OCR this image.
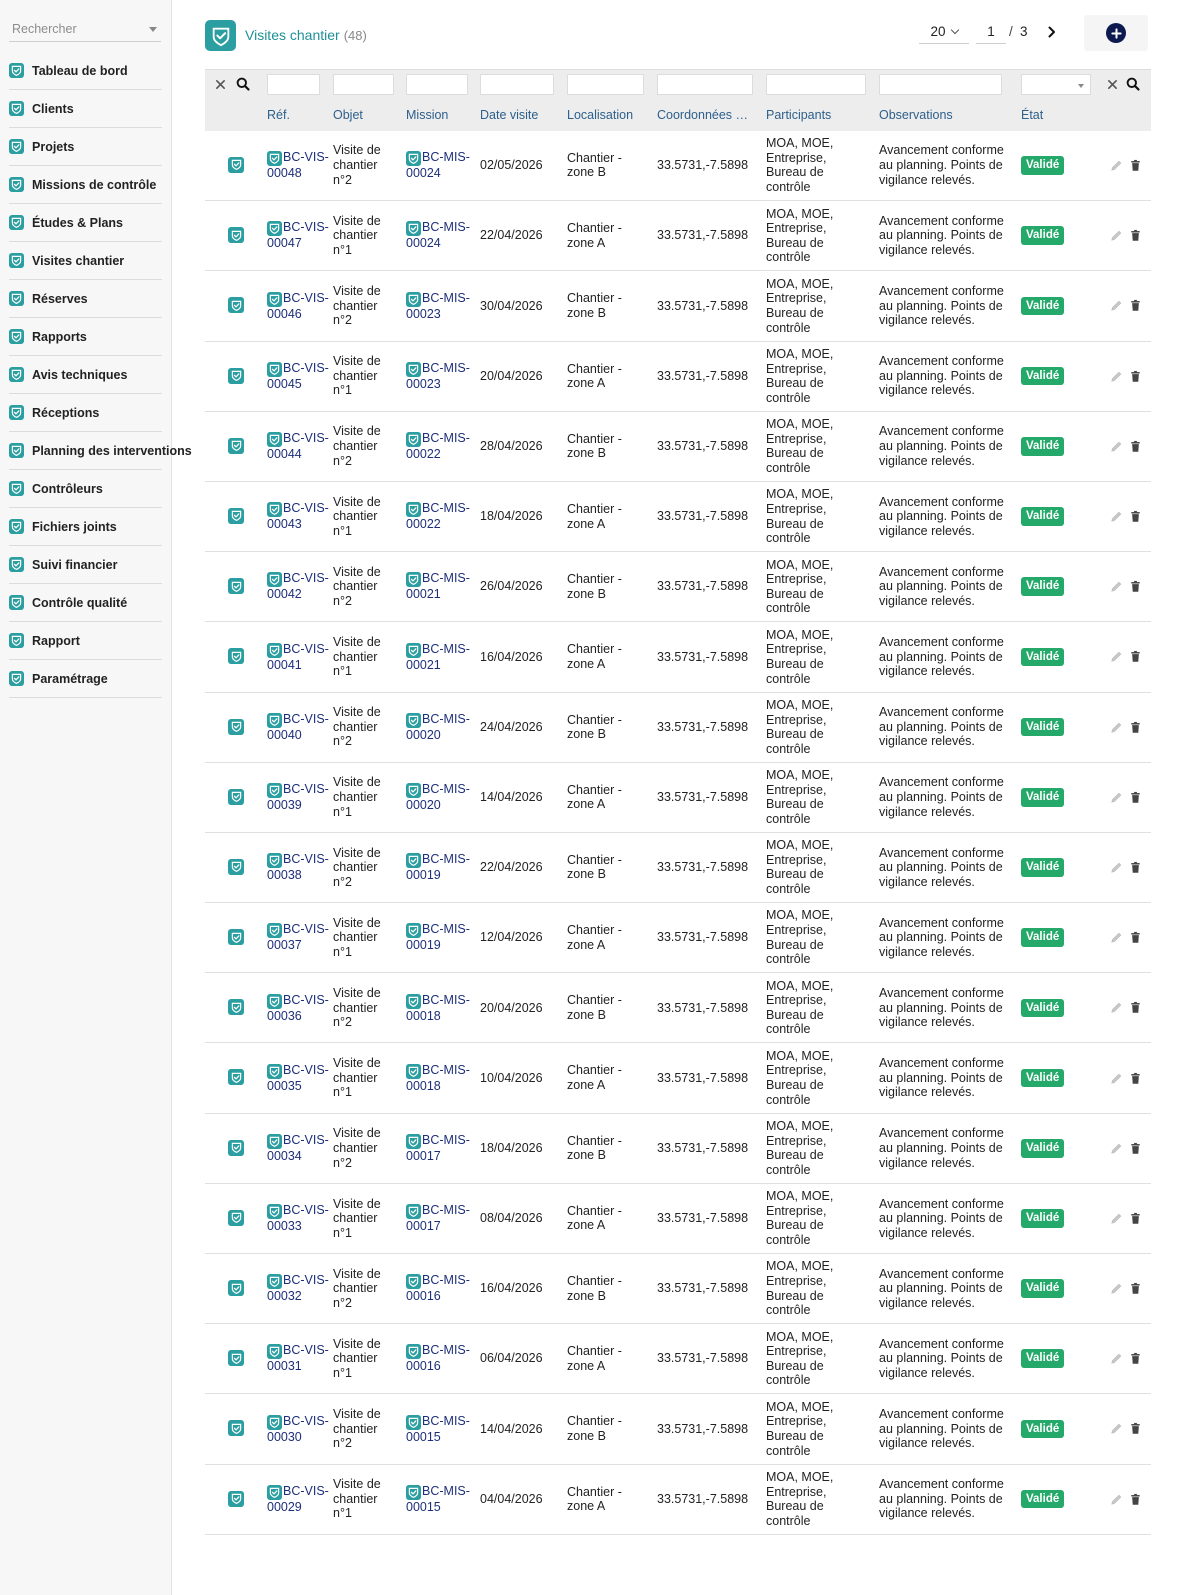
Rechercher
Tableau de bord
Clients
Projets
Missions de contrôle
Études & Plans
Visites chantier
Réserves
Rapports
Avis techniques
Réceptions
Planning des interventions
Contrôleurs
Fichiers joints
Suivi financier
Contrôle qualité
Rapport
Paramétrage
Visites chantier (48)	20	1	/ 3

	Réf.	Objet	Mission	Date visite	Localisation	Coordonnées …	Participants	Observations	État	

BC-VIS-00048	Visite de chantier n°2	BC-MIS-00024	02/05/2026	Chantier - zone B	33.5731,-7.5898	MOA, MOE, Entreprise, Bureau de contrôle	Avancement conforme au planning. Points de vigilance relevés.	Validé	

BC-VIS-00047	Visite de chantier n°1	BC-MIS-00024	22/04/2026	Chantier - zone A	33.5731,-7.5898	MOA, MOE, Entreprise, Bureau de contrôle	Avancement conforme au planning. Points de vigilance relevés.	Validé	

BC-VIS-00046	Visite de chantier n°2	BC-MIS-00023	30/04/2026	Chantier - zone B	33.5731,-7.5898	MOA, MOE, Entreprise, Bureau de contrôle	Avancement conforme au planning. Points de vigilance relevés.	Validé	

BC-VIS-00045	Visite de chantier n°1	BC-MIS-00023	20/04/2026	Chantier - zone A	33.5731,-7.5898	MOA, MOE, Entreprise, Bureau de contrôle	Avancement conforme au planning. Points de vigilance relevés.	Validé	

BC-VIS-00044	Visite de chantier n°2	BC-MIS-00022	28/04/2026	Chantier - zone B	33.5731,-7.5898	MOA, MOE, Entreprise, Bureau de contrôle	Avancement conforme au planning. Points de vigilance relevés.	Validé	

BC-VIS-00043	Visite de chantier n°1	BC-MIS-00022	18/04/2026	Chantier - zone A	33.5731,-7.5898	MOA, MOE, Entreprise, Bureau de contrôle	Avancement conforme au planning. Points de vigilance relevés.	Validé	

BC-VIS-00042	Visite de chantier n°2	BC-MIS-00021	26/04/2026	Chantier - zone B	33.5731,-7.5898	MOA, MOE, Entreprise, Bureau de contrôle	Avancement conforme au planning. Points de vigilance relevés.	Validé	

BC-VIS-00041	Visite de chantier n°1	BC-MIS-00021	16/04/2026	Chantier - zone A	33.5731,-7.5898	MOA, MOE, Entreprise, Bureau de contrôle	Avancement conforme au planning. Points de vigilance relevés.	Validé	

BC-VIS-00040	Visite de chantier n°2	BC-MIS-00020	24/04/2026	Chantier - zone B	33.5731,-7.5898	MOA, MOE, Entreprise, Bureau de contrôle	Avancement conforme au planning. Points de vigilance relevés.	Validé	

BC-VIS-00039	Visite de chantier n°1	BC-MIS-00020	14/04/2026	Chantier - zone A	33.5731,-7.5898	MOA, MOE, Entreprise, Bureau de contrôle	Avancement conforme au planning. Points de vigilance relevés.	Validé	

BC-VIS-00038	Visite de chantier n°2	BC-MIS-00019	22/04/2026	Chantier - zone B	33.5731,-7.5898	MOA, MOE, Entreprise, Bureau de contrôle	Avancement conforme au planning. Points de vigilance relevés.	Validé	

BC-VIS-00037	Visite de chantier n°1	BC-MIS-00019	12/04/2026	Chantier - zone A	33.5731,-7.5898	MOA, MOE, Entreprise, Bureau de contrôle	Avancement conforme au planning. Points de vigilance relevés.	Validé	

BC-VIS-00036	Visite de chantier n°2	BC-MIS-00018	20/04/2026	Chantier - zone B	33.5731,-7.5898	MOA, MOE, Entreprise, Bureau de contrôle	Avancement conforme au planning. Points de vigilance relevés.	Validé	

BC-VIS-00035	Visite de chantier n°1	BC-MIS-00018	10/04/2026	Chantier - zone A	33.5731,-7.5898	MOA, MOE, Entreprise, Bureau de contrôle	Avancement conforme au planning. Points de vigilance relevés.	Validé	

BC-VIS-00034	Visite de chantier n°2	BC-MIS-00017	18/04/2026	Chantier - zone B	33.5731,-7.5898	MOA, MOE, Entreprise, Bureau de contrôle	Avancement conforme au planning. Points de vigilance relevés.	Validé	

BC-VIS-00033	Visite de chantier n°1	BC-MIS-00017	08/04/2026	Chantier - zone A	33.5731,-7.5898	MOA, MOE, Entreprise, Bureau de contrôle	Avancement conforme au planning. Points de vigilance relevés.	Validé	

BC-VIS-00032	Visite de chantier n°2	BC-MIS-00016	16/04/2026	Chantier - zone B	33.5731,-7.5898	MOA, MOE, Entreprise, Bureau de contrôle	Avancement conforme au planning. Points de vigilance relevés.	Validé	

BC-VIS-00031	Visite de chantier n°1	BC-MIS-00016	06/04/2026	Chantier - zone A	33.5731,-7.5898	MOA, MOE, Entreprise, Bureau de contrôle	Avancement conforme au planning. Points de vigilance relevés.	Validé	

BC-VIS-00030	Visite de chantier n°2	BC-MIS-00015	14/04/2026	Chantier - zone B	33.5731,-7.5898	MOA, MOE, Entreprise, Bureau de contrôle	Avancement conforme au planning. Points de vigilance relevés.	Validé	

BC-VIS-00029	Visite de chantier n°1	BC-MIS-00015	04/04/2026	Chantier - zone A	33.5731,-7.5898	MOA, MOE, Entreprise, Bureau de contrôle	Avancement conforme au planning. Points de vigilance relevés.	Validé	
